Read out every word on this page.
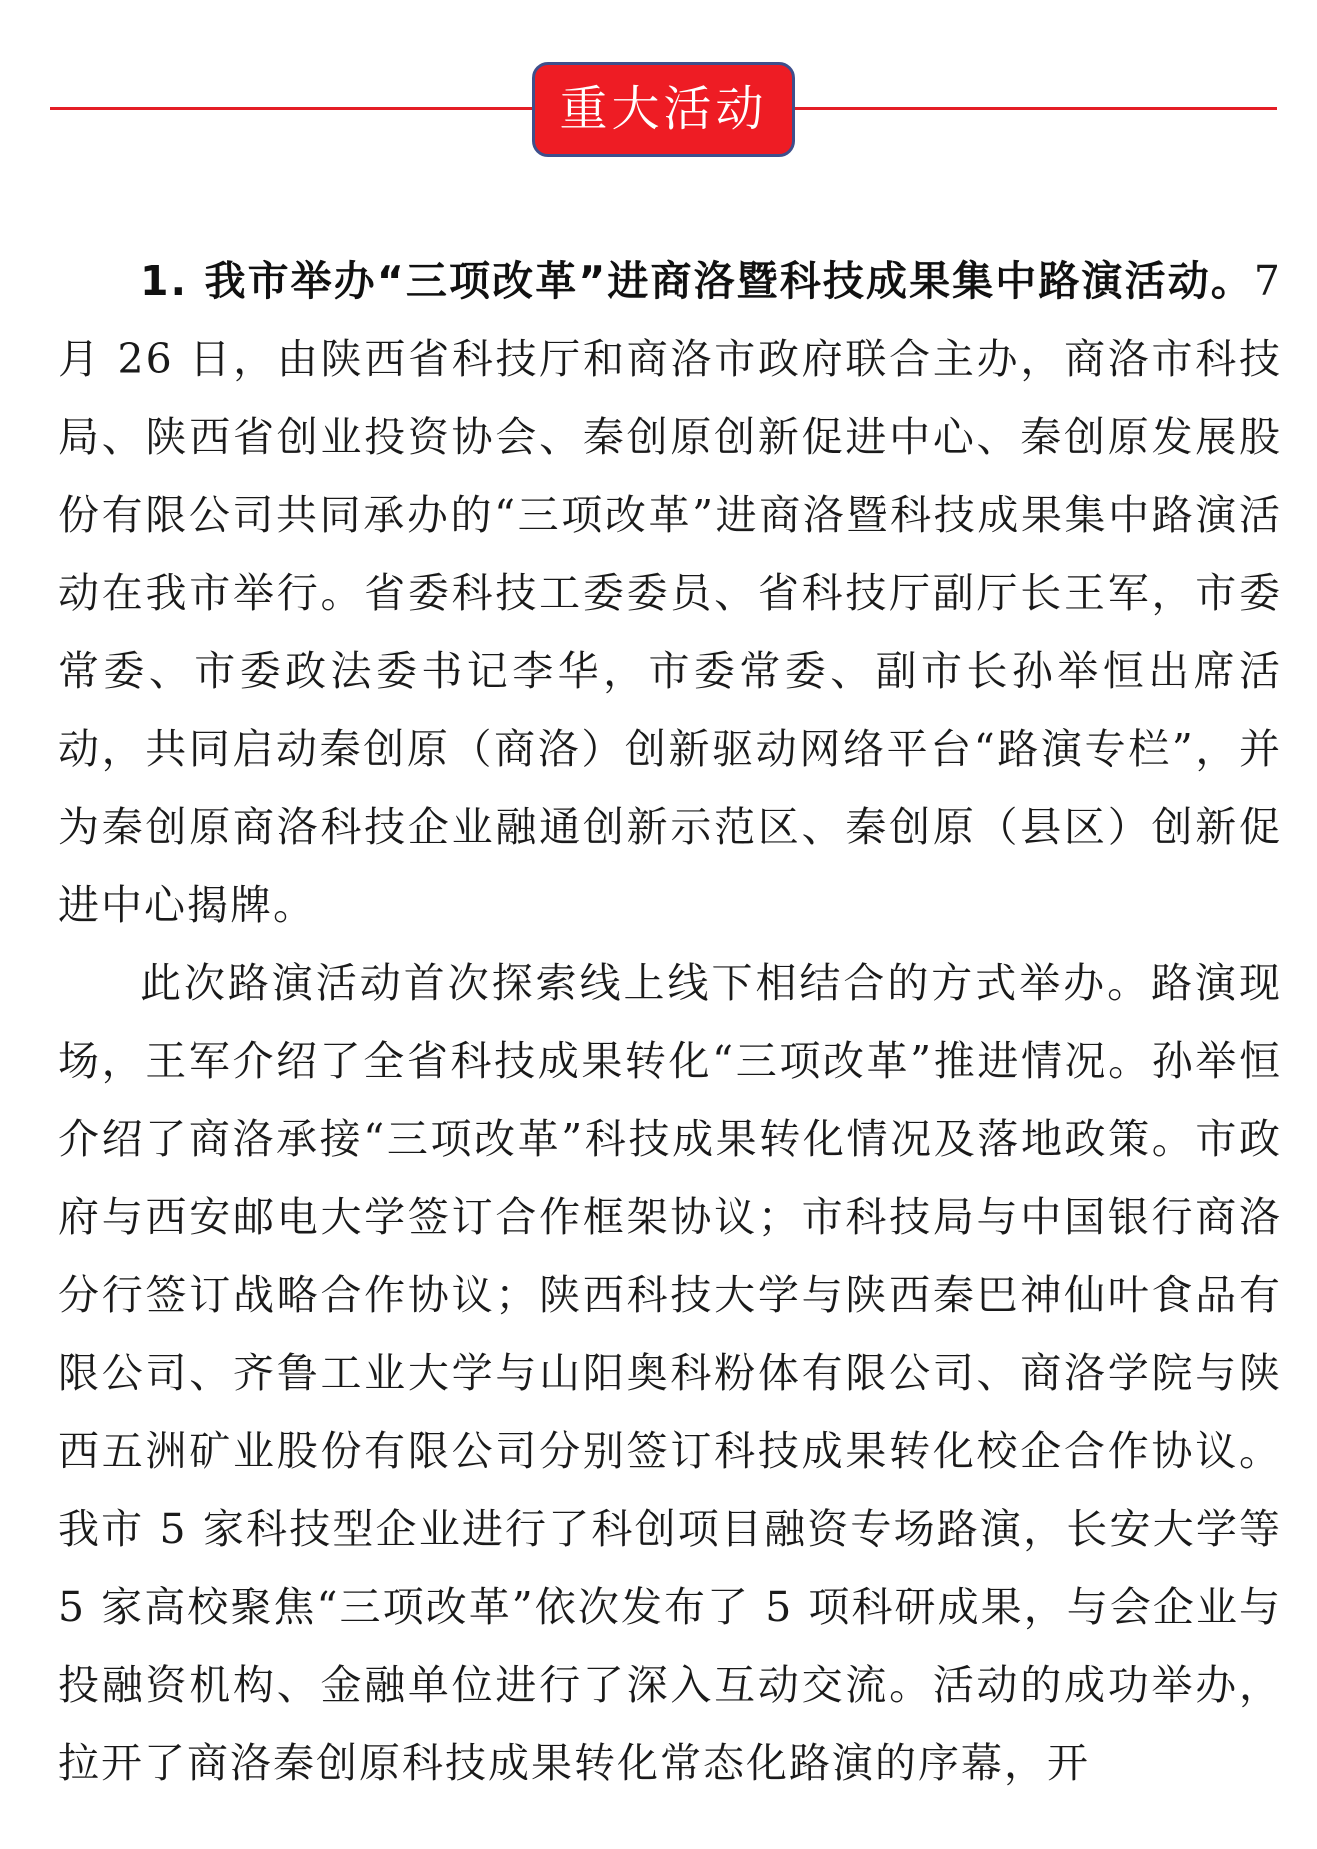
重大活动

1. 我市举办“三项改革”进商洛暨科技成果集中路演活动。7 月 26 日，由陕西省科技厅和商洛市政府联合主办，商洛市科技局、陕西省创业投资协会、秦创原创新促进中心、秦创原发展股份有限公司共同承办的“三项改革”进商洛暨科技成果集中路演活动在我市举行。省委科技工委委员、省科技厅副厅长王军，市委常委、市委政法委书记李华，市委常委、副市长孙举恒出席活动，共同启动秦创原（商洛）创新驱动网络平台“路演专栏”，并为秦创原商洛科技企业融通创新示范区、秦创原（县区）创新促进中心揭牌。

此次路演活动首次探索线上线下相结合的方式举办。路演现场，王军介绍了全省科技成果转化“三项改革”推进情况。孙举恒介绍了商洛承接“三项改革”科技成果转化情况及落地政策。市政府与西安邮电大学签订合作框架协议；市科技局与中国银行商洛分行签订战略合作协议；陕西科技大学与陕西秦巴神仙叶食品有限公司、齐鲁工业大学与山阳奥科粉体有限公司、商洛学院与陕西五洲矿业股份有限公司分别签订科技成果转化校企合作协议。我市 5 家科技型企业进行了科创项目融资专场路演，长安大学等 5 家高校聚焦“三项改革”依次发布了 5 项科研成果，与会企业与投融资机构、金融单位进行了深入互动交流。活动的成功举办，拉开了商洛秦创原科技成果转化常态化路演的序幕，开
